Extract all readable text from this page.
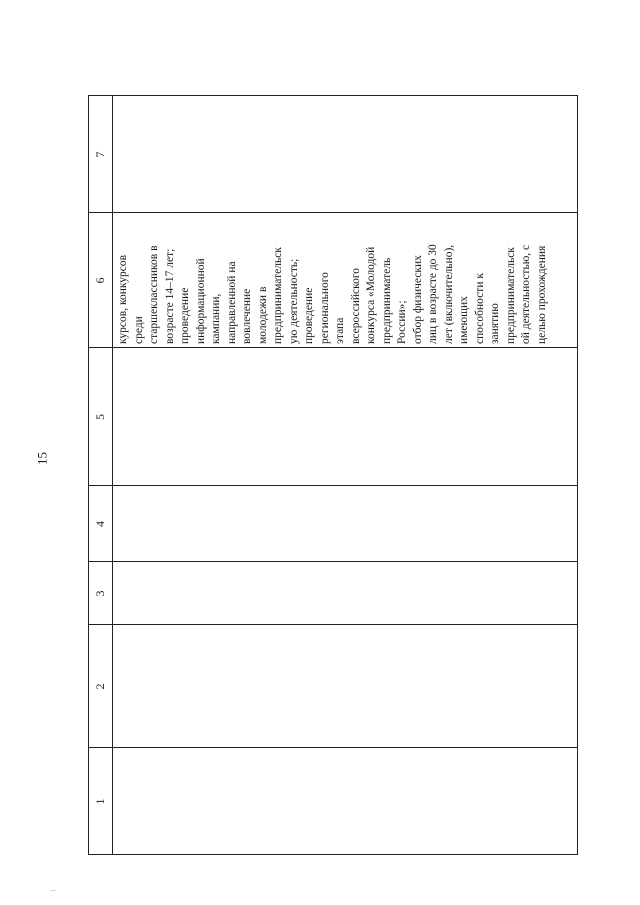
15
1
2
3
4
5
6
7
курсов, конкурсов среди старшеклассников в возрасте 14–17 лет; проведение информационной кампании, направленной на вовлечение молодежи в предпринимательск ую деятельность; проведение регионального этапа всероссийского конкурса «Молодой предприниматель России»; отбор физических лиц в возрасте до 30 лет (включительно), имеющих способности к занятию предпринимательск ой деятельностью, с целью прохождения
...
